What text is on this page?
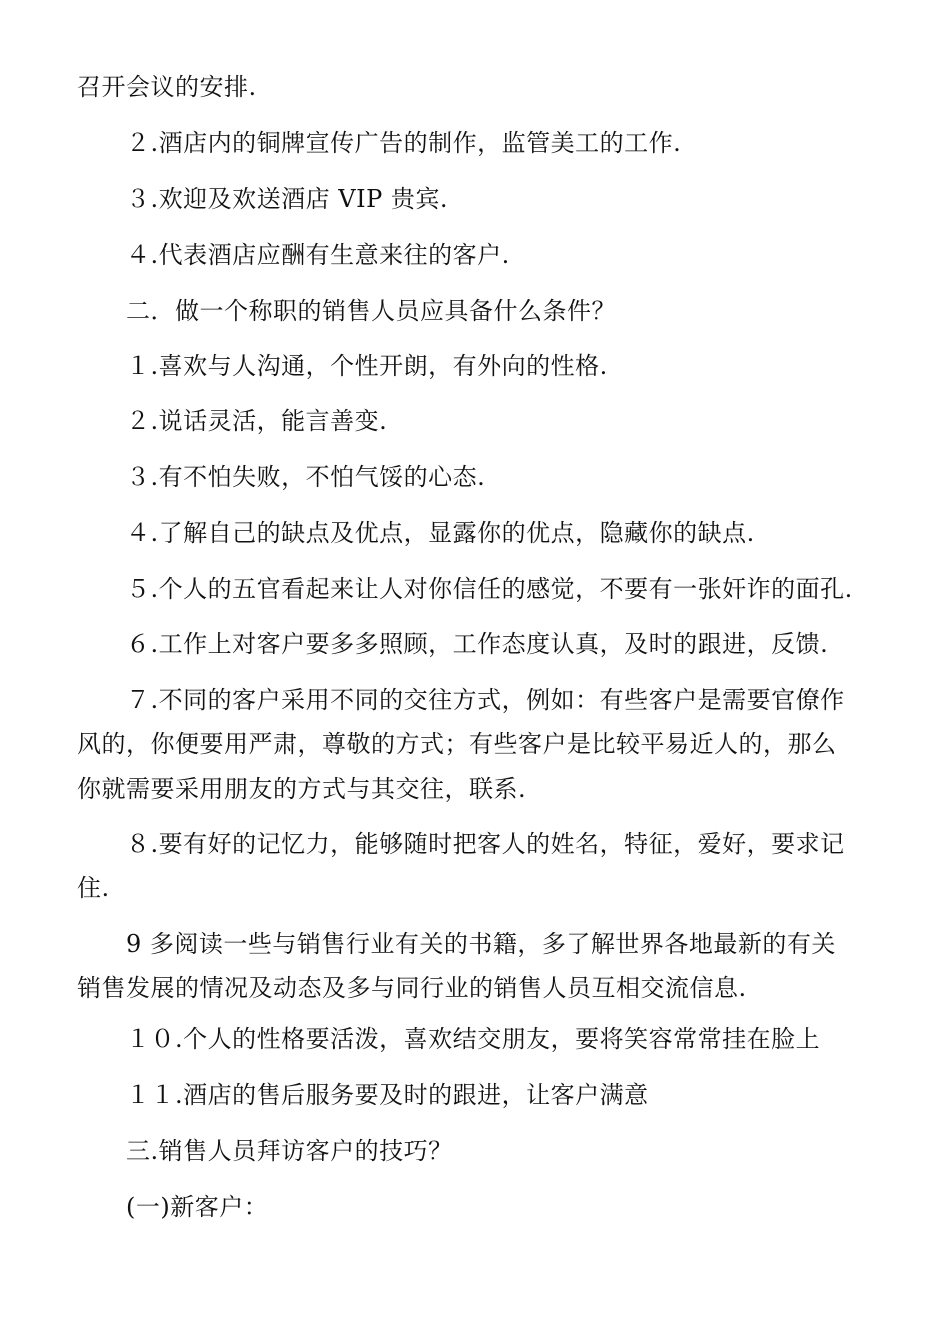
召开会议的安排.
２.酒店内的铜牌宣传广告的制作，监管美工的工作.
３.欢迎及欢送酒店 VIP 贵宾.
４.代表酒店应酬有生意来往的客户.
二．做一个称职的销售人员应具备什么条件？
１.喜欢与人沟通，个性开朗，有外向的性格.
２.说话灵活，能言善变.
３.有不怕失败，不怕气馁的心态.
４.了解自己的缺点及优点，显露你的优点，隐藏你的缺点.
５.个人的五官看起来让人对你信任的感觉，不要有一张奸诈的面孔.
６.工作上对客户要多多照顾，工作态度认真，及时的跟进，反馈.
７.不同的客户采用不同的交往方式，例如：有些客户是需要官僚作
风的，你便要用严肃，尊敬的方式；有些客户是比较平易近人的，那么
你就需要采用朋友的方式与其交往，联系.
８.要有好的记忆力，能够随时把客人的姓名，特征，爱好，要求记
住.
9 多阅读一些与销售行业有关的书籍，多了解世界各地最新的有关
销售发展的情况及动态及多与同行业的销售人员互相交流信息.
１０.个人的性格要活泼，喜欢结交朋友，要将笑容常常挂在脸上
１１.酒店的售后服务要及时的跟进，让客户满意
三.销售人员拜访客户的技巧？
(一)新客户：
